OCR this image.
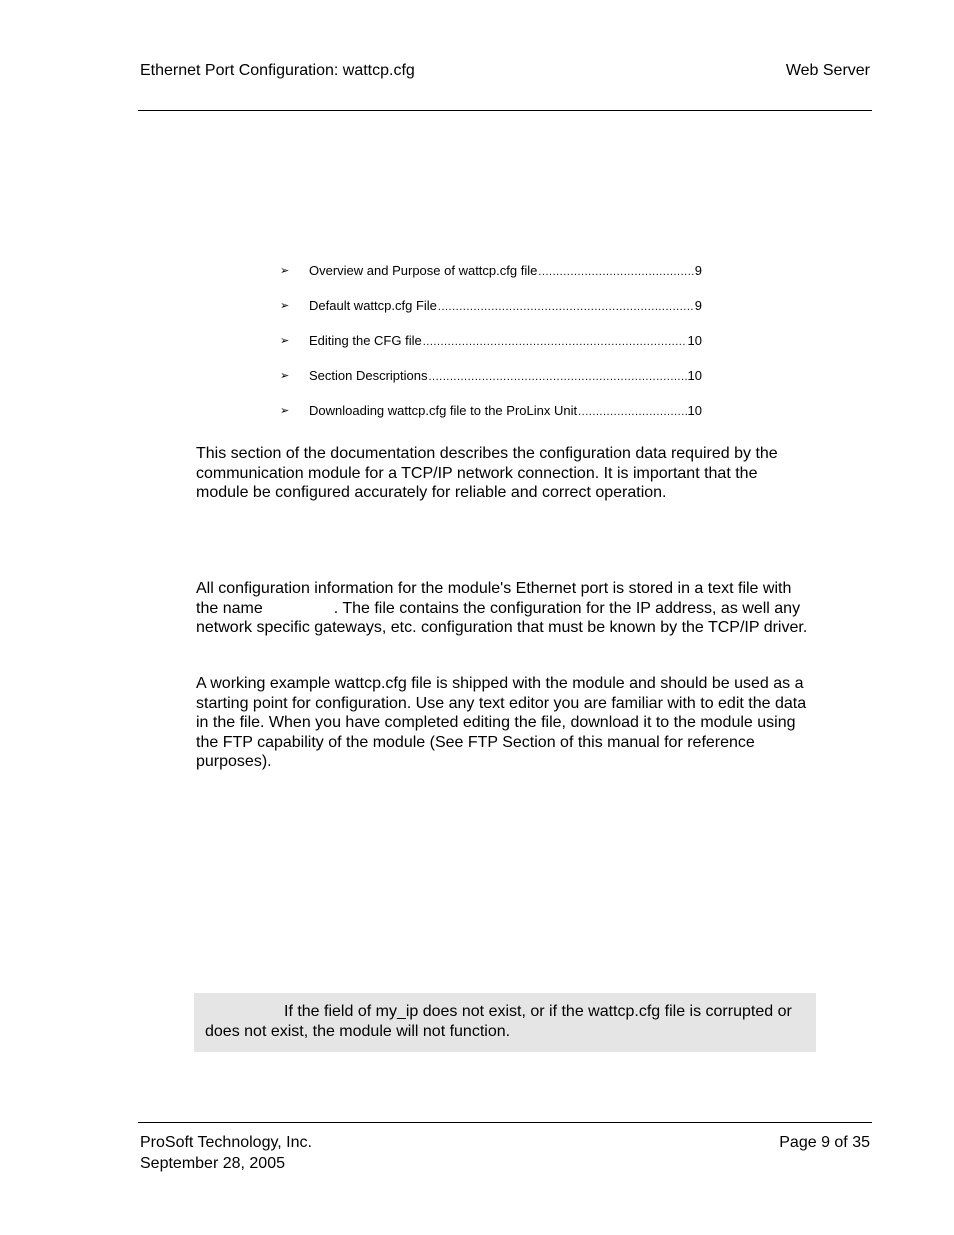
Ethernet Port Configuration: wattcp.cfg	Web Server
➢ Overview and Purpose of wattcp.cfg file .....	9
➢ Default wattcp.cfg File .....	9
➢ Editing the CFG file .....	10
➢ Section Descriptions .....	10
➢ Downloading wattcp.cfg file to the ProLinx Unit .....	10

This section of the documentation describes the configuration data required by the communication module for a TCP/IP network connection. It is important that the module be configured accurately for reliable and correct operation.

All configuration information for the module's Ethernet port is stored in a text file with the name	. The file contains the configuration for the IP address, as well any network specific gateways, etc. configuration that must be known by the TCP/IP driver.

A working example wattcp.cfg file is shipped with the module and should be used as a starting point for configuration. Use any text editor you are familiar with to edit the data in the file. When you have completed editing the file, download it to the module using the FTP capability of the module (See FTP Section of this manual for reference purposes).

If the field of my_ip does not exist, or if the wattcp.cfg file is corrupted or does not exist, the module will not function.
ProSoft Technology, Inc.
September 28, 2005
Page 9 of 35
